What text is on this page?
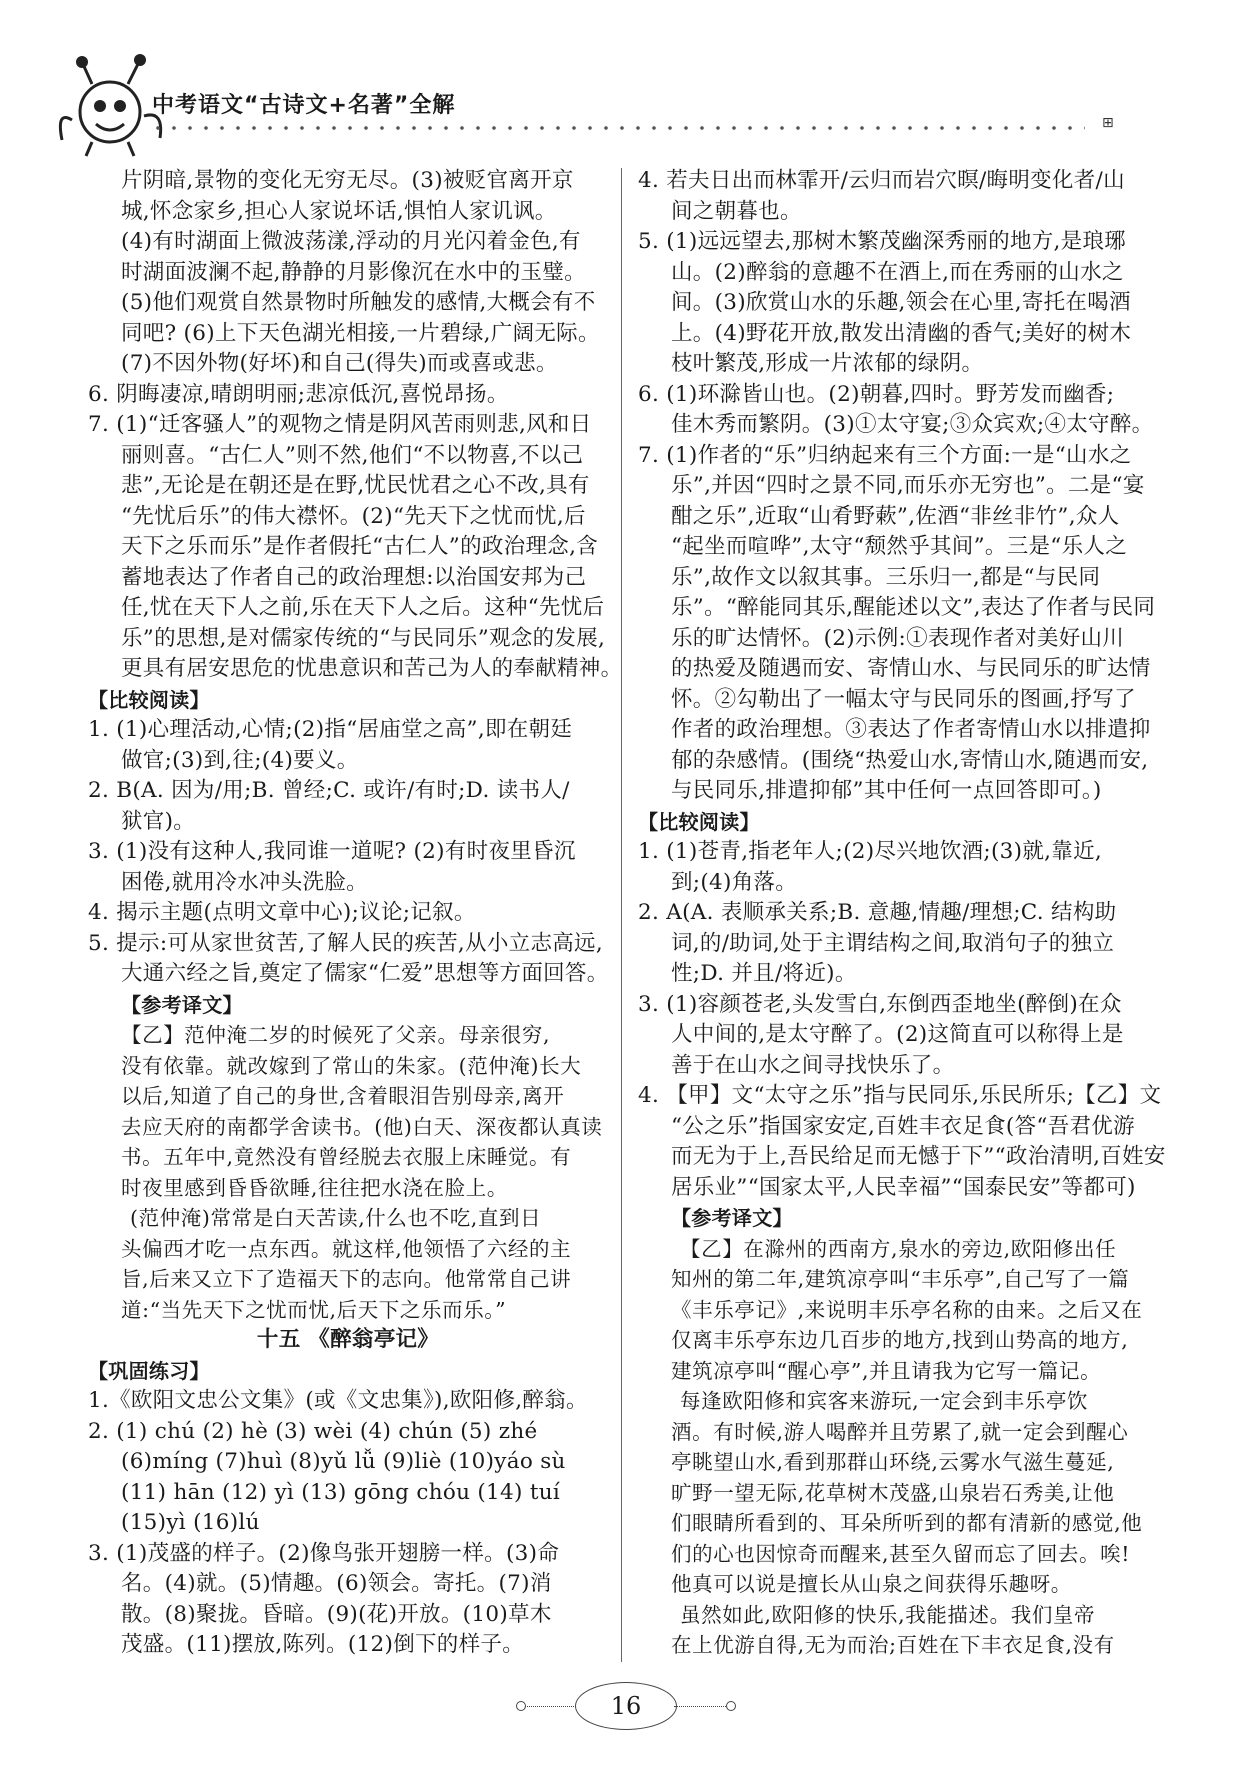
中考语文“古诗文+名著”全解
⊞
片阴暗,景物的变化无穷无尽。(3)被贬官离开京
城,怀念家乡,担心人家说坏话,惧怕人家讥讽。
(4)有时湖面上微波荡漾,浮动的月光闪着金色,有
时湖面波澜不起,静静的月影像沉在水中的玉璧。
(5)他们观赏自然景物时所触发的感情,大概会有不
同吧? (6)上下天色湖光相接,一片碧绿,广阔无际。
(7)不因外物(好坏)和自己(得失)而或喜或悲。
6. 阴晦凄凉,晴朗明丽;悲凉低沉,喜悦昂扬。
7. (1)“迁客骚人”的观物之情是阴风苦雨则悲,风和日
丽则喜。“古仁人”则不然,他们“不以物喜,不以己
悲”,无论是在朝还是在野,忧民忧君之心不改,具有
“先忧后乐”的伟大襟怀。(2)“先天下之忧而忧,后
天下之乐而乐”是作者假托“古仁人”的政治理念,含
蓄地表达了作者自己的政治理想:以治国安邦为己
任,忧在天下人之前,乐在天下人之后。这种“先忧后
乐”的思想,是对儒家传统的“与民同乐”观念的发展,
更具有居安思危的忧患意识和苦己为人的奉献精神。
【比较阅读】
1. (1)心理活动,心情;(2)指“居庙堂之高”,即在朝廷
做官;(3)到,往;(4)要义。
2. B(A. 因为/用;B. 曾经;C. 或许/有时;D. 读书人/
狱官)。
3. (1)没有这种人,我同谁一道呢? (2)有时夜里昏沉
困倦,就用冷水冲头洗脸。
4. 揭示主题(点明文章中心);议论;记叙。
5. 提示:可从家世贫苦,了解人民的疾苦,从小立志高远,
大通六经之旨,奠定了儒家“仁爱”思想等方面回答。
【参考译文】
【乙】范仲淹二岁的时候死了父亲。母亲很穷,
没有依靠。就改嫁到了常山的朱家。(范仲淹)长大
以后,知道了自己的身世,含着眼泪告别母亲,离开
去应天府的南都学舍读书。(他)白天、深夜都认真读
书。五年中,竟然没有曾经脱去衣服上床睡觉。有
时夜里感到昏昏欲睡,往往把水浇在脸上。
(范仲淹)常常是白天苦读,什么也不吃,直到日
头偏西才吃一点东西。就这样,他领悟了六经的主
旨,后来又立下了造福天下的志向。他常常自己讲
道:“当先天下之忧而忧,后天下之乐而乐。”
十五 《醉翁亭记》
【巩固练习】
1.《欧阳文忠公文集》(或《文忠集》),欧阳修,醉翁。
2. (1) chú (2) hè (3) wèi (4) chún (5) zhé
(6)míng (7)huì (8)yǔ lǚ (9)liè (10)yáo sù
(11) hān (12) yì (13) gōng chóu (14) tuí
(15)yì (16)lú
3. (1)茂盛的样子。(2)像鸟张开翅膀一样。(3)命
名。(4)就。(5)情趣。(6)领会。寄托。(7)消
散。(8)聚拢。昏暗。(9)(花)开放。(10)草木
茂盛。(11)摆放,陈列。(12)倒下的样子。
4. 若夫日出而林霏开/云归而岩穴暝/晦明变化者/山
间之朝暮也。
5. (1)远远望去,那树木繁茂幽深秀丽的地方,是琅琊
山。(2)醉翁的意趣不在酒上,而在秀丽的山水之
间。(3)欣赏山水的乐趣,领会在心里,寄托在喝酒
上。(4)野花开放,散发出清幽的香气;美好的树木
枝叶繁茂,形成一片浓郁的绿阴。
6. (1)环滁皆山也。(2)朝暮,四时。野芳发而幽香;
佳木秀而繁阴。(3)①太守宴;③众宾欢;④太守醉。
7. (1)作者的“乐”归纳起来有三个方面:一是“山水之
乐”,并因“四时之景不同,而乐亦无穷也”。二是“宴
酣之乐”,近取“山肴野蔌”,佐酒“非丝非竹”,众人
“起坐而喧哗”,太守“颓然乎其间”。三是“乐人之
乐”,故作文以叙其事。三乐归一,都是“与民同
乐”。“醉能同其乐,醒能述以文”,表达了作者与民同
乐的旷达情怀。(2)示例:①表现作者对美好山川
的热爱及随遇而安、寄情山水、与民同乐的旷达情
怀。②勾勒出了一幅太守与民同乐的图画,抒写了
作者的政治理想。③表达了作者寄情山水以排遣抑
郁的杂感情。(围绕“热爱山水,寄情山水,随遇而安,
与民同乐,排遣抑郁”其中任何一点回答即可。)
【比较阅读】
1. (1)苍青,指老年人;(2)尽兴地饮酒;(3)就,靠近,
到;(4)角落。
2. A(A. 表顺承关系;B. 意趣,情趣/理想;C. 结构助
词,的/助词,处于主谓结构之间,取消句子的独立
性;D. 并且/将近)。
3. (1)容颜苍老,头发雪白,东倒西歪地坐(醉倒)在众
人中间的,是太守醉了。(2)这简直可以称得上是
善于在山水之间寻找快乐了。
4. 【甲】文“太守之乐”指与民同乐,乐民所乐;【乙】文
“公之乐”指国家安定,百姓丰衣足食(答“吾君优游
而无为于上,吾民给足而无憾于下”“政治清明,百姓安
居乐业”“国家太平,人民幸福”“国泰民安”等都可)
【参考译文】
【乙】在滁州的西南方,泉水的旁边,欧阳修出任
知州的第二年,建筑凉亭叫“丰乐亭”,自己写了一篇
《丰乐亭记》,来说明丰乐亭名称的由来。之后又在
仅离丰乐亭东边几百步的地方,找到山势高的地方,
建筑凉亭叫“醒心亭”,并且请我为它写一篇记。
每逢欧阳修和宾客来游玩,一定会到丰乐亭饮
酒。有时候,游人喝醉并且劳累了,就一定会到醒心
亭眺望山水,看到那群山环绕,云雾水气滋生蔓延,
旷野一望无际,花草树木茂盛,山泉岩石秀美,让他
们眼睛所看到的、耳朵所听到的都有清新的感觉,他
们的心也因惊奇而醒来,甚至久留而忘了回去。唉!
他真可以说是擅长从山泉之间获得乐趣呀。
虽然如此,欧阳修的快乐,我能描述。我们皇帝
在上优游自得,无为而治;百姓在下丰衣足食,没有
16
